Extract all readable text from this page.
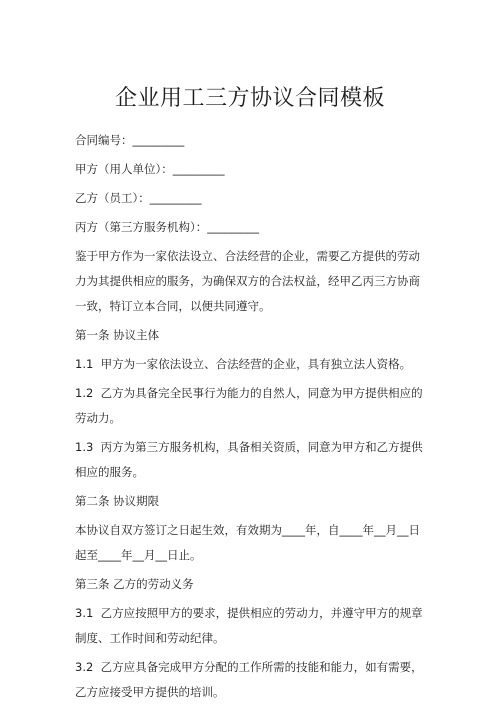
企业用工三方协议合同模板

合同编号：_________

甲方（用人单位）：_________

乙方（员工）：_________

丙方（第三方服务机构）：_________

鉴于甲方作为一家依法设立、合法经营的企业，需要乙方提供的劳动力为其提供相应的服务，为确保双方的合法权益，经甲乙丙三方协商一致，特订立本合同，以便共同遵守。

第一条 协议主体

1.1  甲方为一家依法设立、合法经营的企业，具有独立法人资格。

1.2  乙方为具备完全民事行为能力的自然人，同意为甲方提供相应的劳动力。

1.3  丙方为第三方服务机构，具备相关资质，同意为甲方和乙方提供相应的服务。

第二条 协议期限

本协议自双方签订之日起生效，有效期为____年，自____年__月__日起至____年__月__日止。

第三条 乙方的劳动义务

3.1  乙方应按照甲方的要求，提供相应的劳动力，并遵守甲方的规章制度、工作时间和劳动纪律。

3.2  乙方应具备完成甲方分配的工作所需的技能和能力，如有需要，乙方应接受甲方提供的培训。
